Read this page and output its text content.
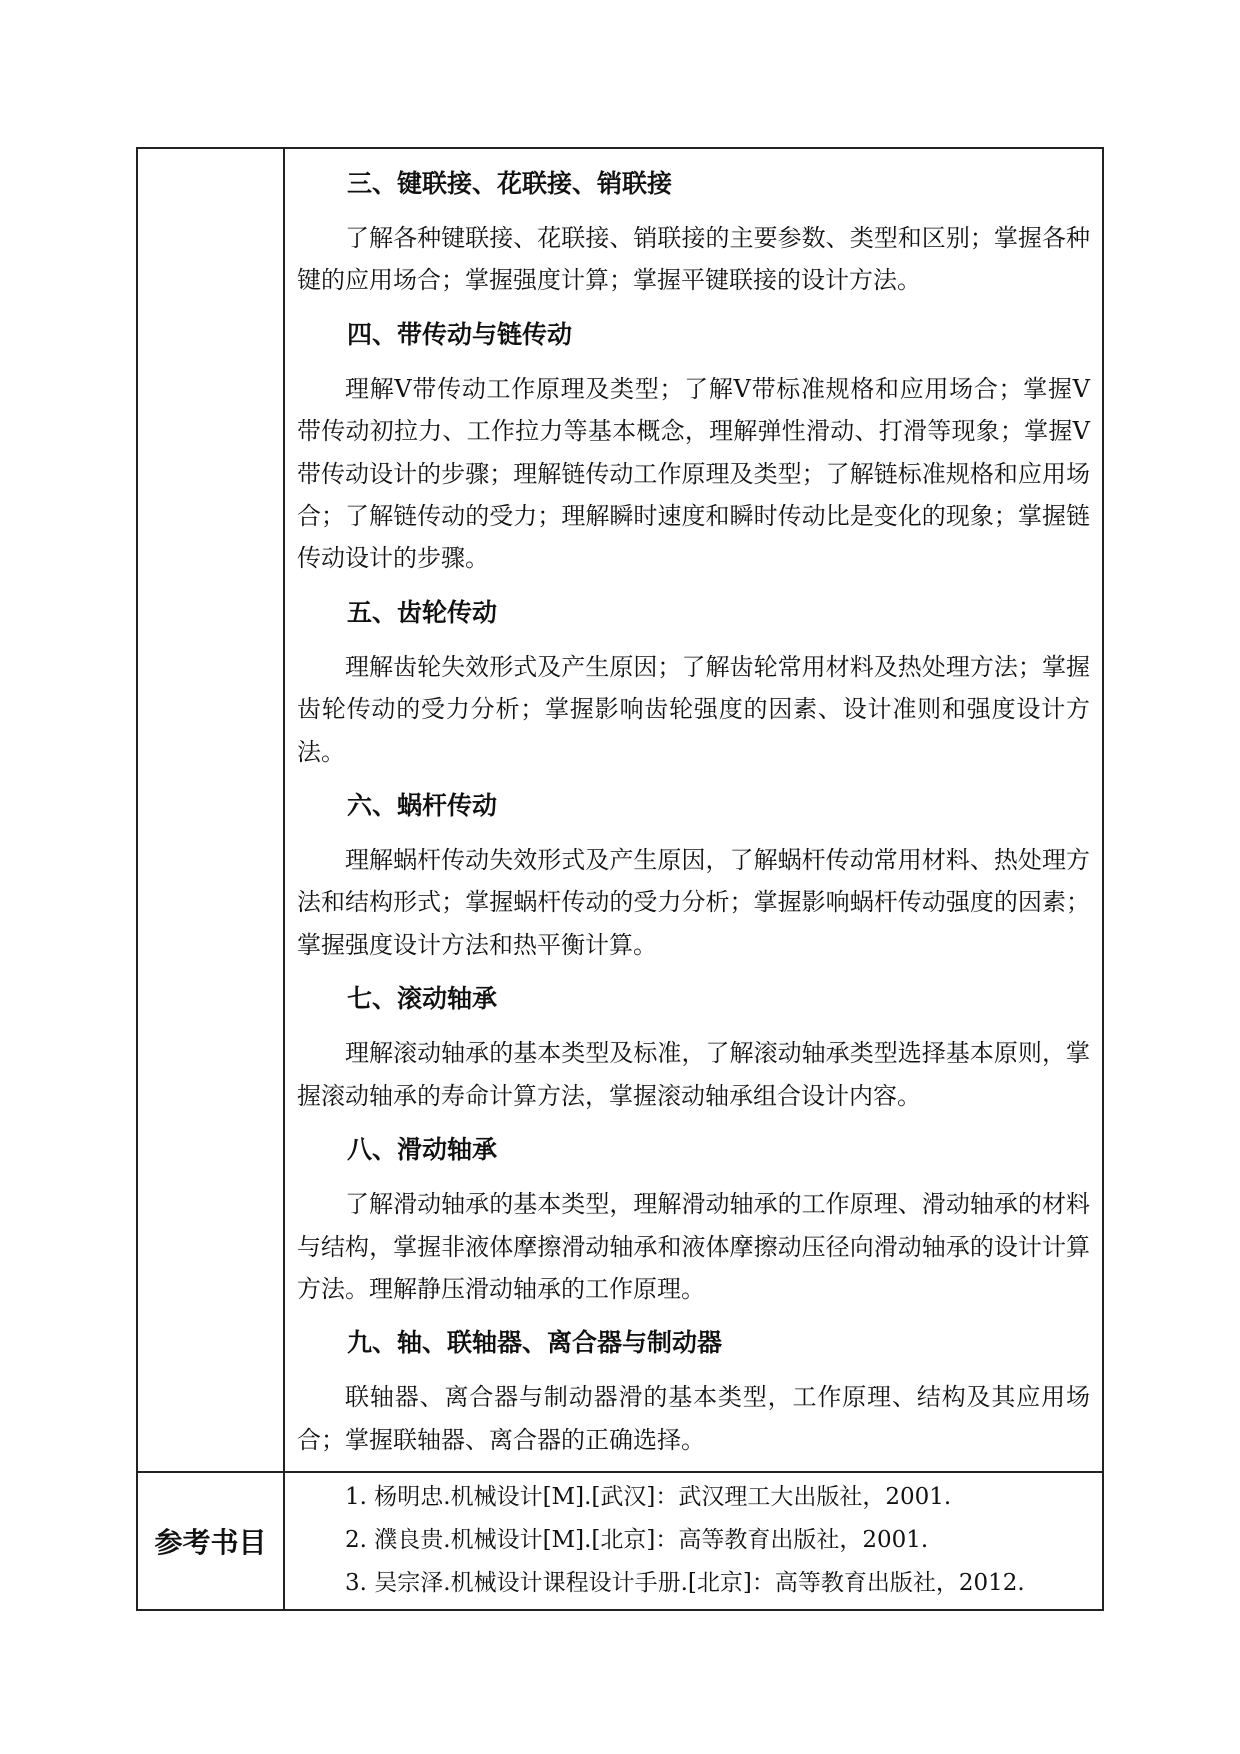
三、键联接、花联接、销联接

了解各种键联接、花联接、销联接的主要参数、类型和区别；掌握各种键的应用场合；掌握强度计算；掌握平键联接的设计方法。

四、带传动与链传动

理解V带传动工作原理及类型；了解V带标准规格和应用场合；掌握V带传动初拉力、工作拉力等基本概念，理解弹性滑动、打滑等现象；掌握V带传动设计的步骤；理解链传动工作原理及类型；了解链标准规格和应用场合；了解链传动的受力；理解瞬时速度和瞬时传动比是变化的现象；掌握链传动设计的步骤。

五、齿轮传动

理解齿轮失效形式及产生原因；了解齿轮常用材料及热处理方法；掌握齿轮传动的受力分析；掌握影响齿轮强度的因素、设计准则和强度设计方法。

六、蜗杆传动

理解蜗杆传动失效形式及产生原因，了解蜗杆传动常用材料、热处理方法和结构形式；掌握蜗杆传动的受力分析；掌握影响蜗杆传动强度的因素；掌握强度设计方法和热平衡计算。

七、滚动轴承

理解滚动轴承的基本类型及标准，了解滚动轴承类型选择基本原则，掌握滚动轴承的寿命计算方法，掌握滚动轴承组合设计内容。

八、滑动轴承

了解滑动轴承的基本类型，理解滑动轴承的工作原理、滑动轴承的材料与结构，掌握非液体摩擦滑动轴承和液体摩擦动压径向滑动轴承的设计计算方法。理解静压滑动轴承的工作原理。

九、轴、联轴器、离合器与制动器

联轴器、离合器与制动器滑的基本类型，工作原理、结构及其应用场合；掌握联轴器、离合器的正确选择。

参考书目
1. 杨明忠.机械设计[M].[武汉]：武汉理工大出版社，2001.
2. 濮良贵.机械设计[M].[北京]：高等教育出版社，2001.
3. 吴宗泽.机械设计课程设计手册.[北京]：高等教育出版社，2012.
